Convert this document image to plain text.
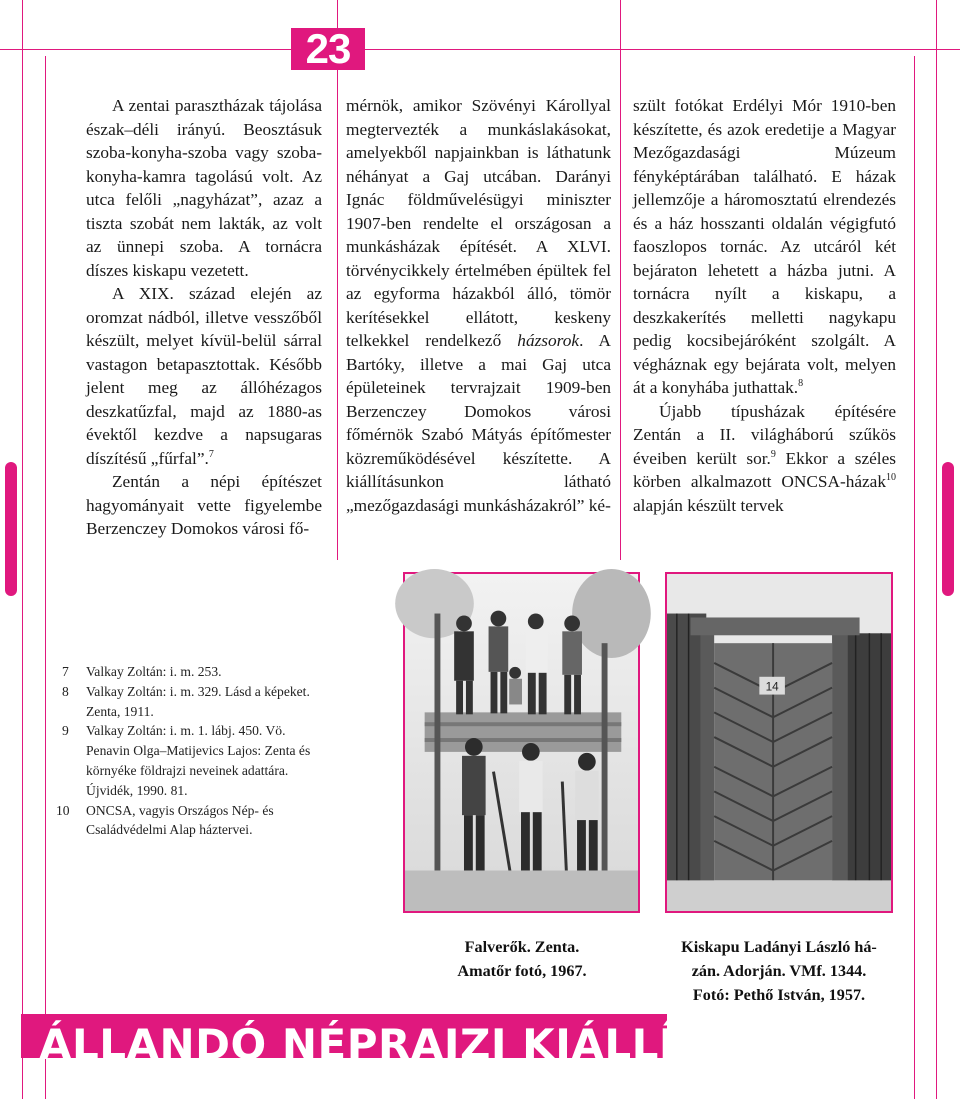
23

A zentai parasztházak tájolása észak–déli irányú. Beosztásuk szoba-konyha-szoba vagy szoba-konyha-kamra tagolású volt. Az utca felőli „nagyházat”, azaz a tiszta szobát nem lakták, az volt az ünnepi szoba. A tornácra díszes kiskapu vezetett.

A XIX. század elején az oromzat nádból, illetve vesszőből készült, melyet kívül-belül sárral vastagon betapasztottak. Később jelent meg az állóhézagos deszkatűzfal, majd az 1880-as évektől kezdve a napsugaras díszítésű „fűrfal”.$^7$

Zentán a népi építészet hagyományait vette figyelembe Berzenczey Domokos városi fő-

mérnök, amikor Szövényi Károllyal megtervezték a munkáslakásokat, amelyekből napjainkban is láthatunk néhányat a Gaj utcában. Darányi Ignác földművelésügyi miniszter 1907-ben rendelte el országosan a munkásházak építését. A XLVI. törvénycikkely értelmében épültek fel az egyforma házakból álló, tömör kerítésekkel ellátott, keskeny telkekkel rendelkező házsorok. A Bartóky, illetve a mai Gaj utca épületeinek tervrajzait 1909-ben Berzenczey Domokos városi főmérnök Szabó Mátyás építőmester közreműködésével készítette. A kiállításunkon látható „mezőgazdasági munkásházakról” ké-

szült fotókat Erdélyi Mór 1910-ben készítette, és azok eredetije a Magyar Mezőgazdasági Múzeum fényképtárában található. E házak jellemzője a háromosztatú elrendezés és a ház hosszanti oldalán végigfutó faoszlopos tornác. Az utcáról két bejáraton lehetett a házba jutni. A tornácra nyílt a kiskapu, a deszkakerítés melletti nagykapu pedig kocsibejáróként szolgált. A végháznak egy bejárata volt, melyen át a konyhába juthattak.$^8$

Újabb típusházak építésére Zentán a II. világháború szűkös éveiben került sor.$^9$ Ekkor a széles körben alkalmazott ONCSA-házak$^{10}$ alapján készült tervek

7	Valkay Zoltán: i. m. 253.
8	Valkay Zoltán: i. m. 329. Lásd a képeket. Zenta, 1911.
9	Valkay Zoltán: i. m. 1. lábj. 450. Vö. Penavin Olga–Matijevics Lajos: Zenta és környéke földrajzi neveinek adattára. Újvidék, 1990. 81.
10	ONCSA, vagyis Országos Nép- és Családvédelmi Alap háztervei.
14
Falverők. Zenta.
Amatőr fotó, 1967.
Kiskapu Ladányi László há-
zán. Adorján. VMf. 1344.
Fotó: Pethő István, 1957.
ÁLLANDÓ NÉPRAJZI KIÁLLÍTÁSA
